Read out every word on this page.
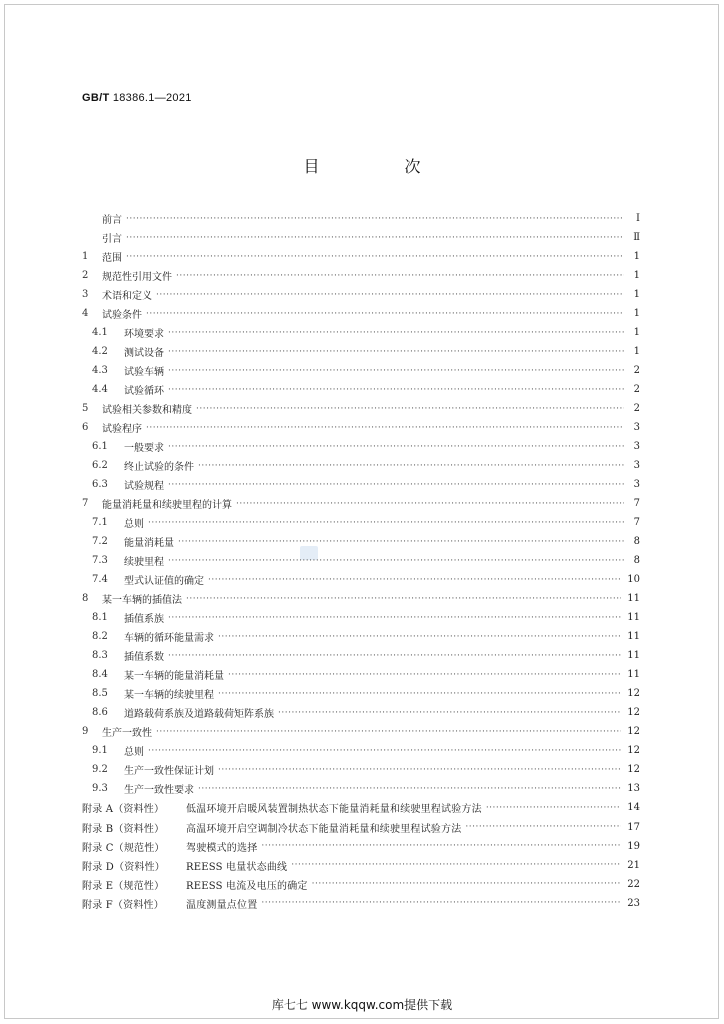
GB/T 18386.1—2021
目 次
前言 ·····	Ⅰ
引言 ·····	Ⅱ
1	范围 ·····	1
2	规范性引用文件 ·····	1
3	术语和定义 ·····	1
4	试验条件 ·····	1
4.1	环境要求 ·····	1
4.2	测试设备 ·····	1
4.3	试验车辆 ·····	2
4.4	试验循环 ·····	2
5	试验相关参数和精度 ·····	2
6	试验程序 ·····	3
6.1	一般要求 ·····	3
6.2	终止试验的条件 ·····	3
6.3	试验规程 ·····	3
7	能量消耗量和续驶里程的计算 ·····	7
7.1	总则 ·····	7
7.2	能量消耗量 ·····	8
7.3	续驶里程 ·····	8
7.4	型式认证值的确定 ·····	10
8	某一车辆的插值法 ·····	11
8.1	插值系族 ·····	11
8.2	车辆的循环能量需求 ·····	11
8.3	插值系数 ·····	11
8.4	某一车辆的能量消耗量 ·····	11
8.5	某一车辆的续驶里程 ·····	12
8.6	道路载荷系族及道路载荷矩阵系族 ·····	12
9	生产一致性 ·····	12
9.1	总则 ·····	12
9.2	生产一致性保证计划 ·····	12
9.3	生产一致性要求 ·····	13
附录 A（资料性） 低温环境开启暖风装置制热状态下能量消耗量和续驶里程试验方法 ·····	14
附录 B（资料性） 高温环境开启空调制冷状态下能量消耗量和续驶里程试验方法 ·····	17
附录 C（规范性） 驾驶模式的选择 ·····	19
附录 D（资料性） REESS 电量状态曲线 ·····	21
附录 E（规范性） REESS 电流及电压的确定 ·····	22
附录 F（资料性） 温度测量点位置 ·····	23
库七七 www.kqqw.com提供下载
